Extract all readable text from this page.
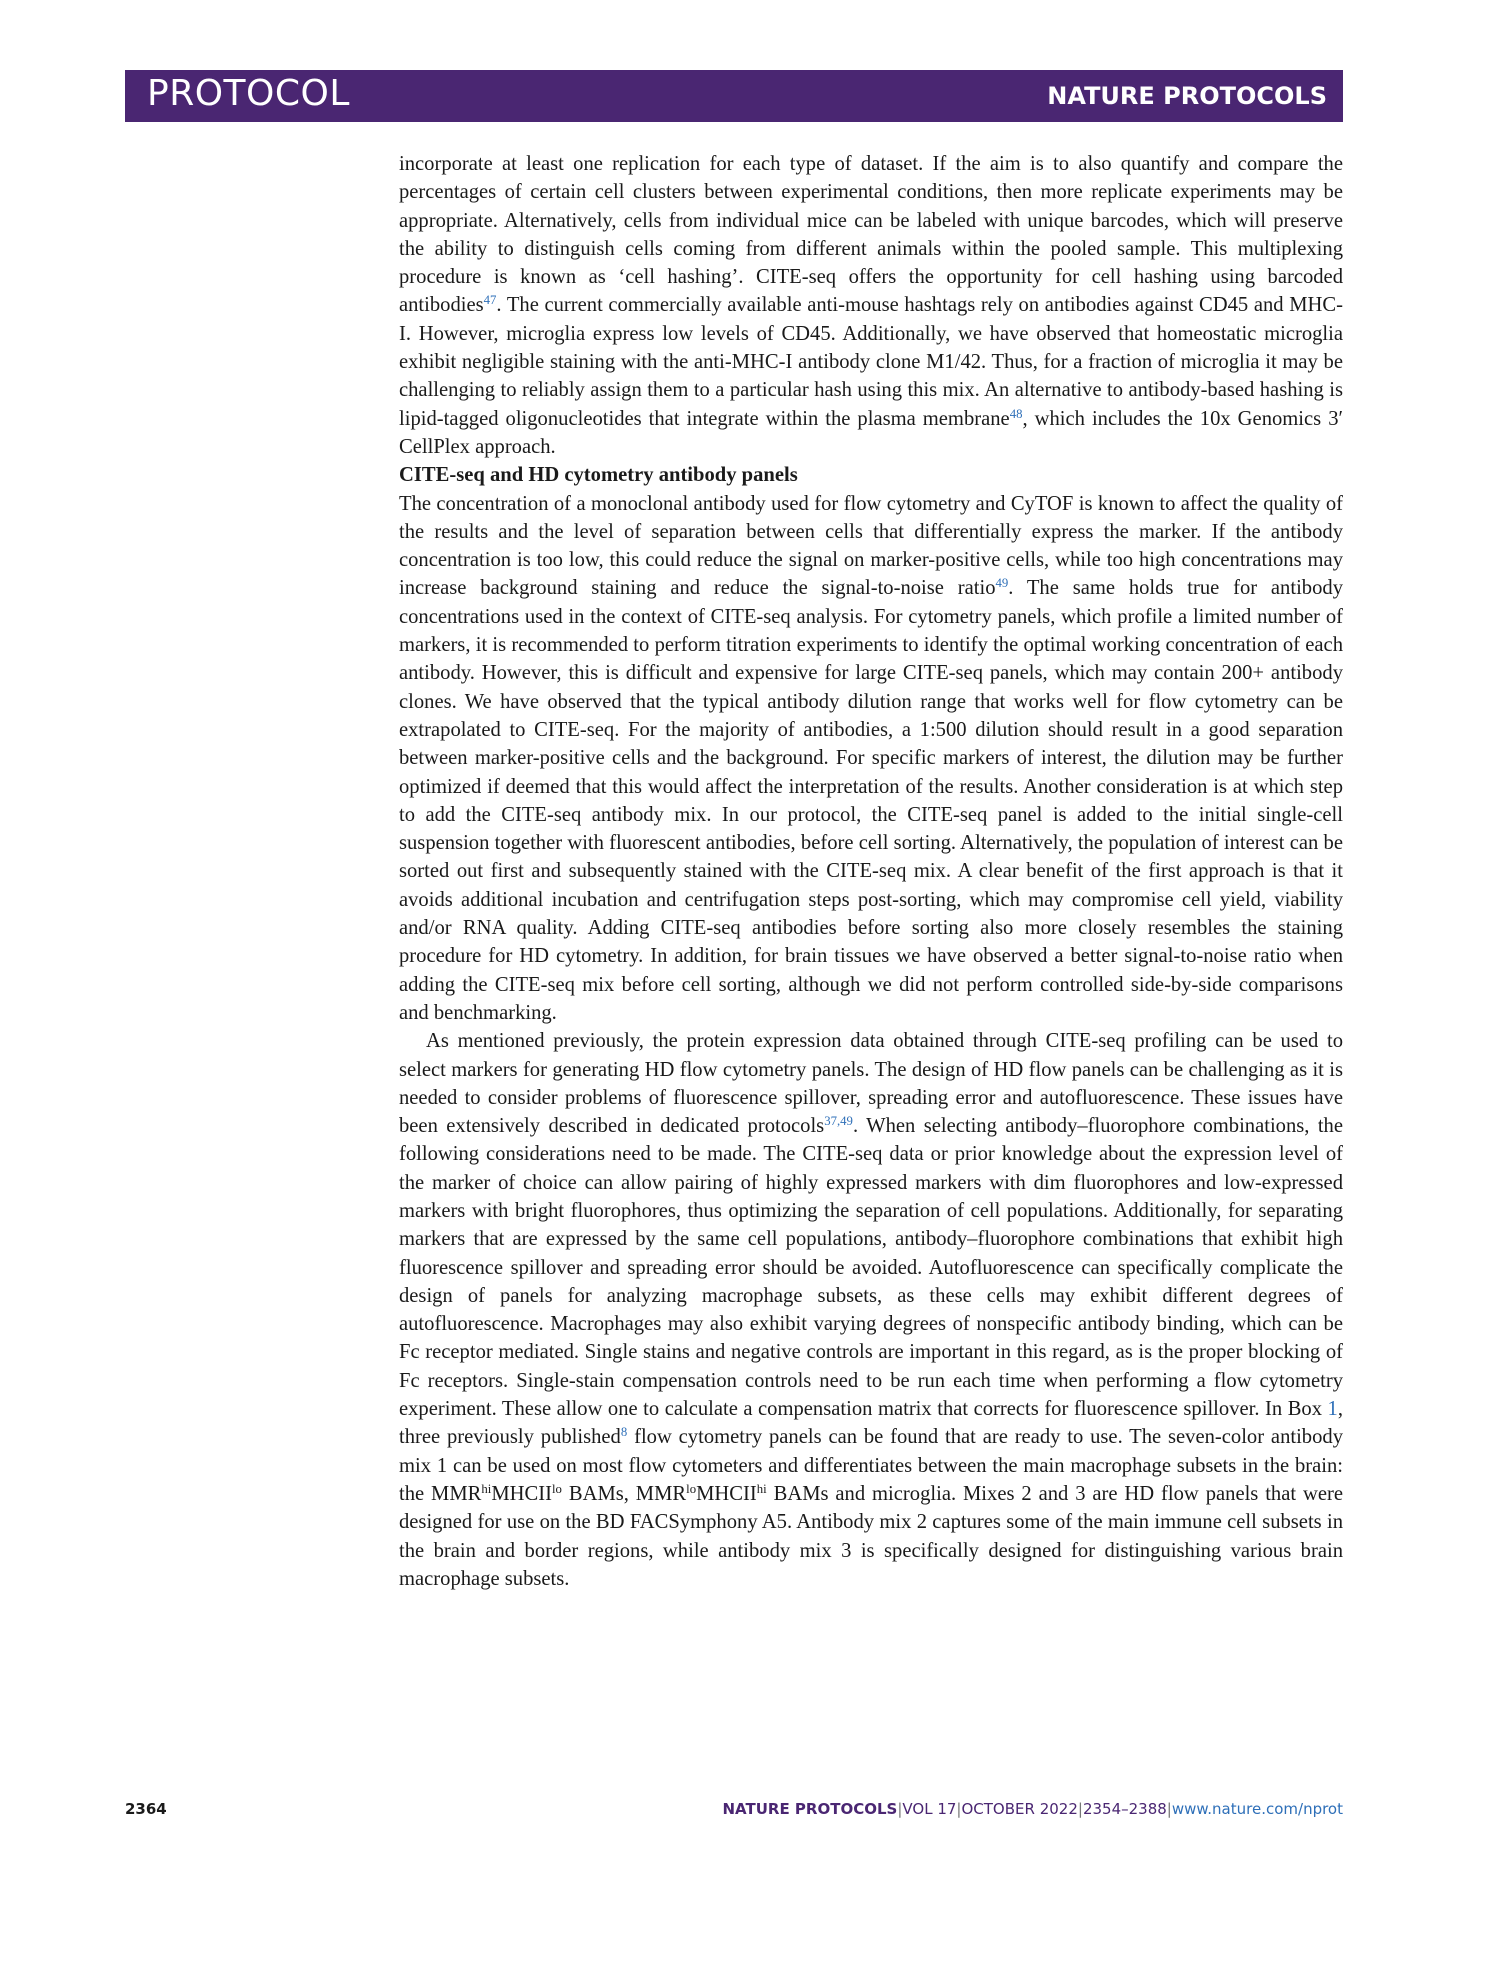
PROTOCOL	NATURE PROTOCOLS

incorporate at least one replication for each type of dataset. If the aim is to also quantify and compare the percentages of certain cell clusters between experimental conditions, then more replicate experiments may be appropriate. Alternatively, cells from individual mice can be labeled with unique barcodes, which will preserve the ability to distinguish cells coming from different animals within the pooled sample. This multiplexing procedure is known as ‘cell hashing’. CITE-seq offers the opportunity for cell hashing using barcoded antibodies$^{47}$. The current commercially available anti-mouse hashtags rely on antibodies against CD45 and MHC-I. However, microglia express low levels of CD45. Additionally, we have observed that homeostatic microglia exhibit negligible staining with the anti-MHC-I antibody clone M1/42. Thus, for a fraction of microglia it may be challenging to reliably assign them to a particular hash using this mix. An alternative to antibody-based hashing is lipid-tagged oligonucleotides that integrate within the plasma membrane$^{48}$, which includes the 10x Genomics 3′ CellPlex approach.

CITE-seq and HD cytometry antibody panels

The concentration of a monoclonal antibody used for flow cytometry and CyTOF is known to affect the quality of the results and the level of separation between cells that differentially express the marker. If the antibody concentration is too low, this could reduce the signal on marker-positive cells, while too high concentrations may increase background staining and reduce the signal-to-noise ratio$^{49}$. The same holds true for antibody concentrations used in the context of CITE-seq analysis. For cytometry panels, which profile a limited number of markers, it is recommended to perform titration experiments to identify the optimal working concentration of each antibody. However, this is difficult and expensive for large CITE-seq panels, which may contain 200+ antibody clones. We have observed that the typical antibody dilution range that works well for flow cytometry can be extrapolated to CITE-seq. For the majority of antibodies, a 1:500 dilution should result in a good separation between marker-positive cells and the background. For specific markers of interest, the dilution may be further optimized if deemed that this would affect the interpretation of the results. Another consideration is at which step to add the CITE-seq antibody mix. In our protocol, the CITE-seq panel is added to the initial single-cell suspension together with fluorescent antibodies, before cell sorting. Alternatively, the population of interest can be sorted out first and subsequently stained with the CITE-seq mix. A clear benefit of the first approach is that it avoids additional incubation and centrifugation steps post-sorting, which may compromise cell yield, viability and/or RNA quality. Adding CITE-seq antibodies before sorting also more closely resembles the staining procedure for HD cytometry. In addition, for brain tissues we have observed a better signal-to-noise ratio when adding the CITE-seq mix before cell sorting, although we did not perform controlled side-by-side comparisons and benchmarking.

As mentioned previously, the protein expression data obtained through CITE-seq profiling can be used to select markers for generating HD flow cytometry panels. The design of HD flow panels can be challenging as it is needed to consider problems of fluorescence spillover, spreading error and autofluorescence. These issues have been extensively described in dedicated protocols$^{37,49}$. When selecting antibody–fluorophore combinations, the following considerations need to be made. The CITE-seq data or prior knowledge about the expression level of the marker of choice can allow pairing of highly expressed markers with dim fluorophores and low-expressed markers with bright fluorophores, thus optimizing the separation of cell populations. Additionally, for separating markers that are expressed by the same cell populations, antibody–fluorophore combinations that exhibit high fluorescence spillover and spreading error should be avoided. Autofluorescence can specifically complicate the design of panels for analyzing macrophage subsets, as these cells may exhibit different degrees of autofluorescence. Macrophages may also exhibit varying degrees of nonspecific antibody binding, which can be Fc receptor mediated. Single stains and negative controls are important in this regard, as is the proper blocking of Fc receptors. Single-stain compensation controls need to be run each time when performing a flow cytometry experiment. These allow one to calculate a compensation matrix that corrects for fluorescence spillover. In Box 1, three previously published$^8$ flow cytometry panels can be found that are ready to use. The seven-color antibody mix 1 can be used on most flow cytometers and differentiates between the main macrophage subsets in the brain: the $MMR^{hi}MHCII^{lo}$ BAMs, $MMR^{lo}MHCII^{hi}$ BAMs and microglia. Mixes 2 and 3 are HD flow panels that were designed for use on the BD FACSymphony A5. Antibody mix 2 captures some of the main immune cell subsets in the brain and border regions, while antibody mix 3 is specifically designed for distinguishing various brain macrophage subsets.

2364	NATURE PROTOCOLS|VOL 17|OCTOBER 2022|2354–2388|www.nature.com/nprot
